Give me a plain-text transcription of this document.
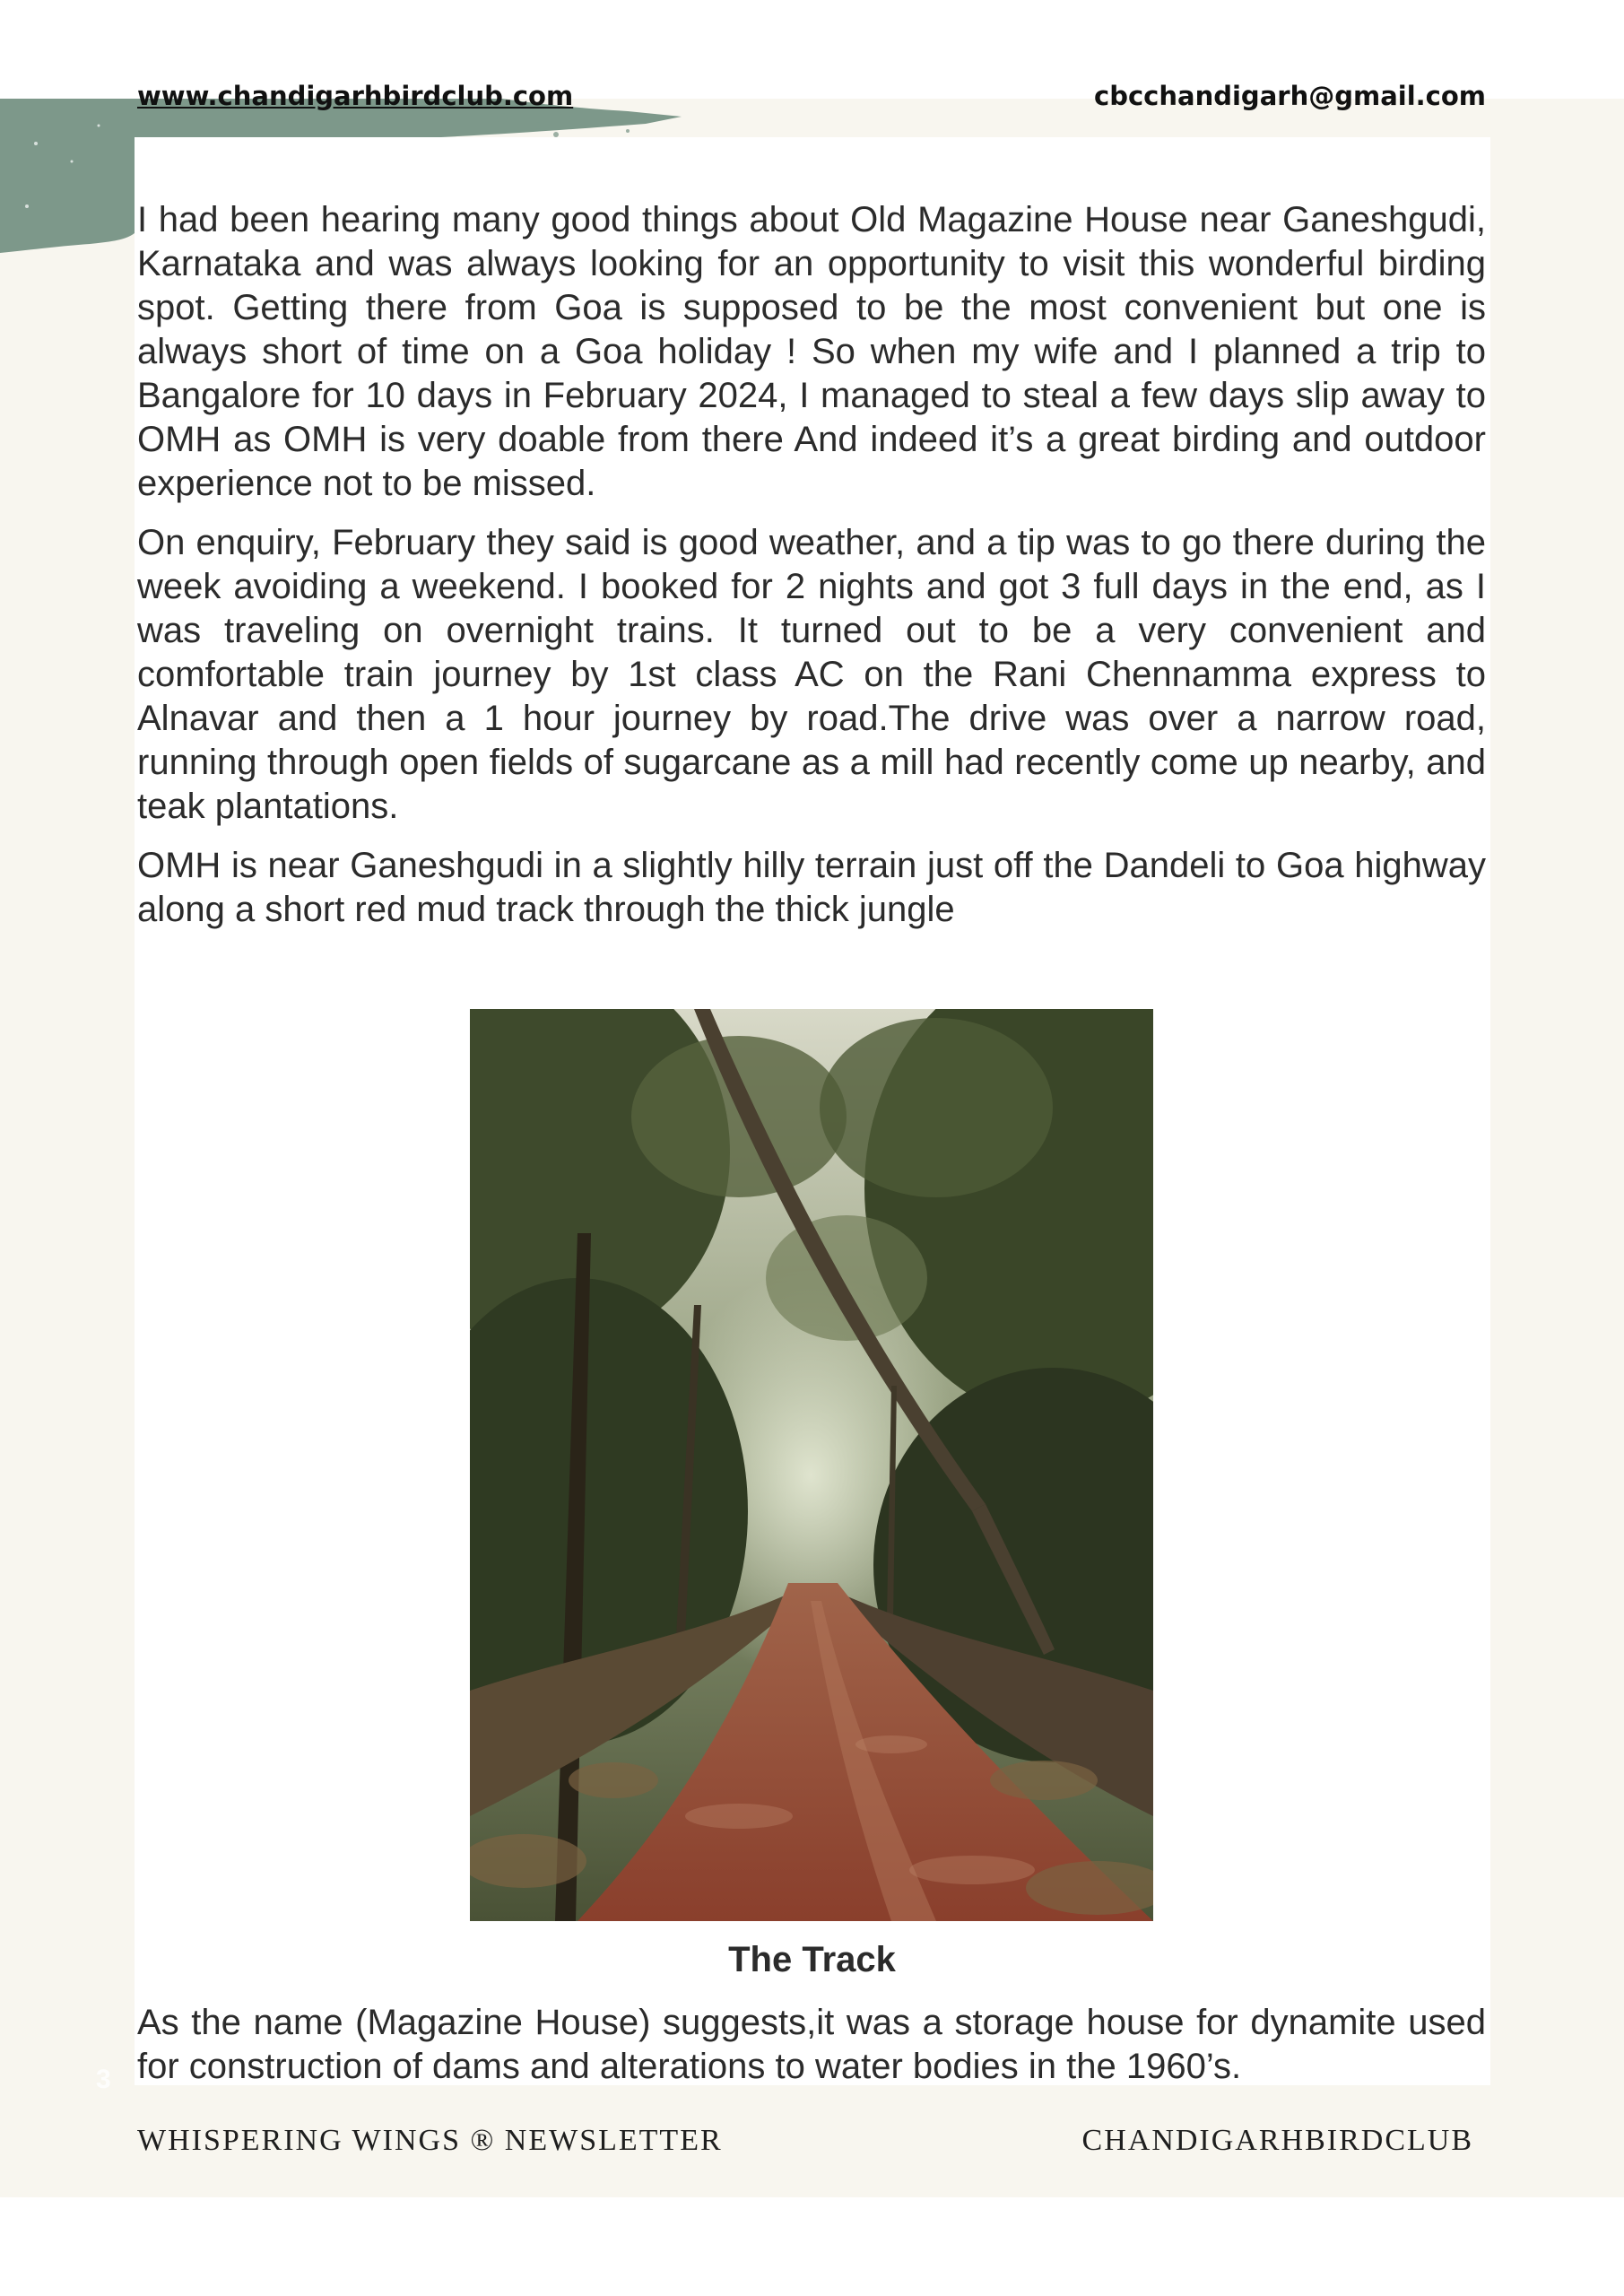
www.chandigarhbirdclub.com	cbcchandigarh@gmail.com

I had been hearing many good things about Old Magazine House near Ganeshgudi, Karnataka and was always looking for an opportunity to visit this wonderful birding spot. Getting there from Goa is supposed to be the most convenient but one is always short of time on a Goa holiday ! So when my wife and I planned a trip to Bangalore for 10 days in February 2024, I managed to steal a few days slip away to OMH as OMH is very doable from there And indeed it’s a great birding and outdoor experience not to be missed.

On enquiry, February they said is good weather, and a tip was to go there during the week avoiding a weekend. I booked for 2 nights and got 3 full days in the end, as I was traveling on overnight trains. It turned out to be a very convenient and comfortable train journey by 1st class AC on the Rani Chennamma express to Alnavar and then a 1 hour journey by road.The drive was over a narrow road, running through open fields of sugarcane as a mill had recently come up nearby, and teak plantations.

OMH is near Ganeshgudi in a slightly hilly terrain just off the Dandeli to Goa highway along a short red mud track through the thick jungle

The Track

As the name (Magazine House) suggests,it was a storage house for dynamite used for construction of dams and alterations to water bodies in the 1960’s.

3
WHISPERING WINGS ® NEWSLETTER	CHANDIGARHBIRDCLUB
